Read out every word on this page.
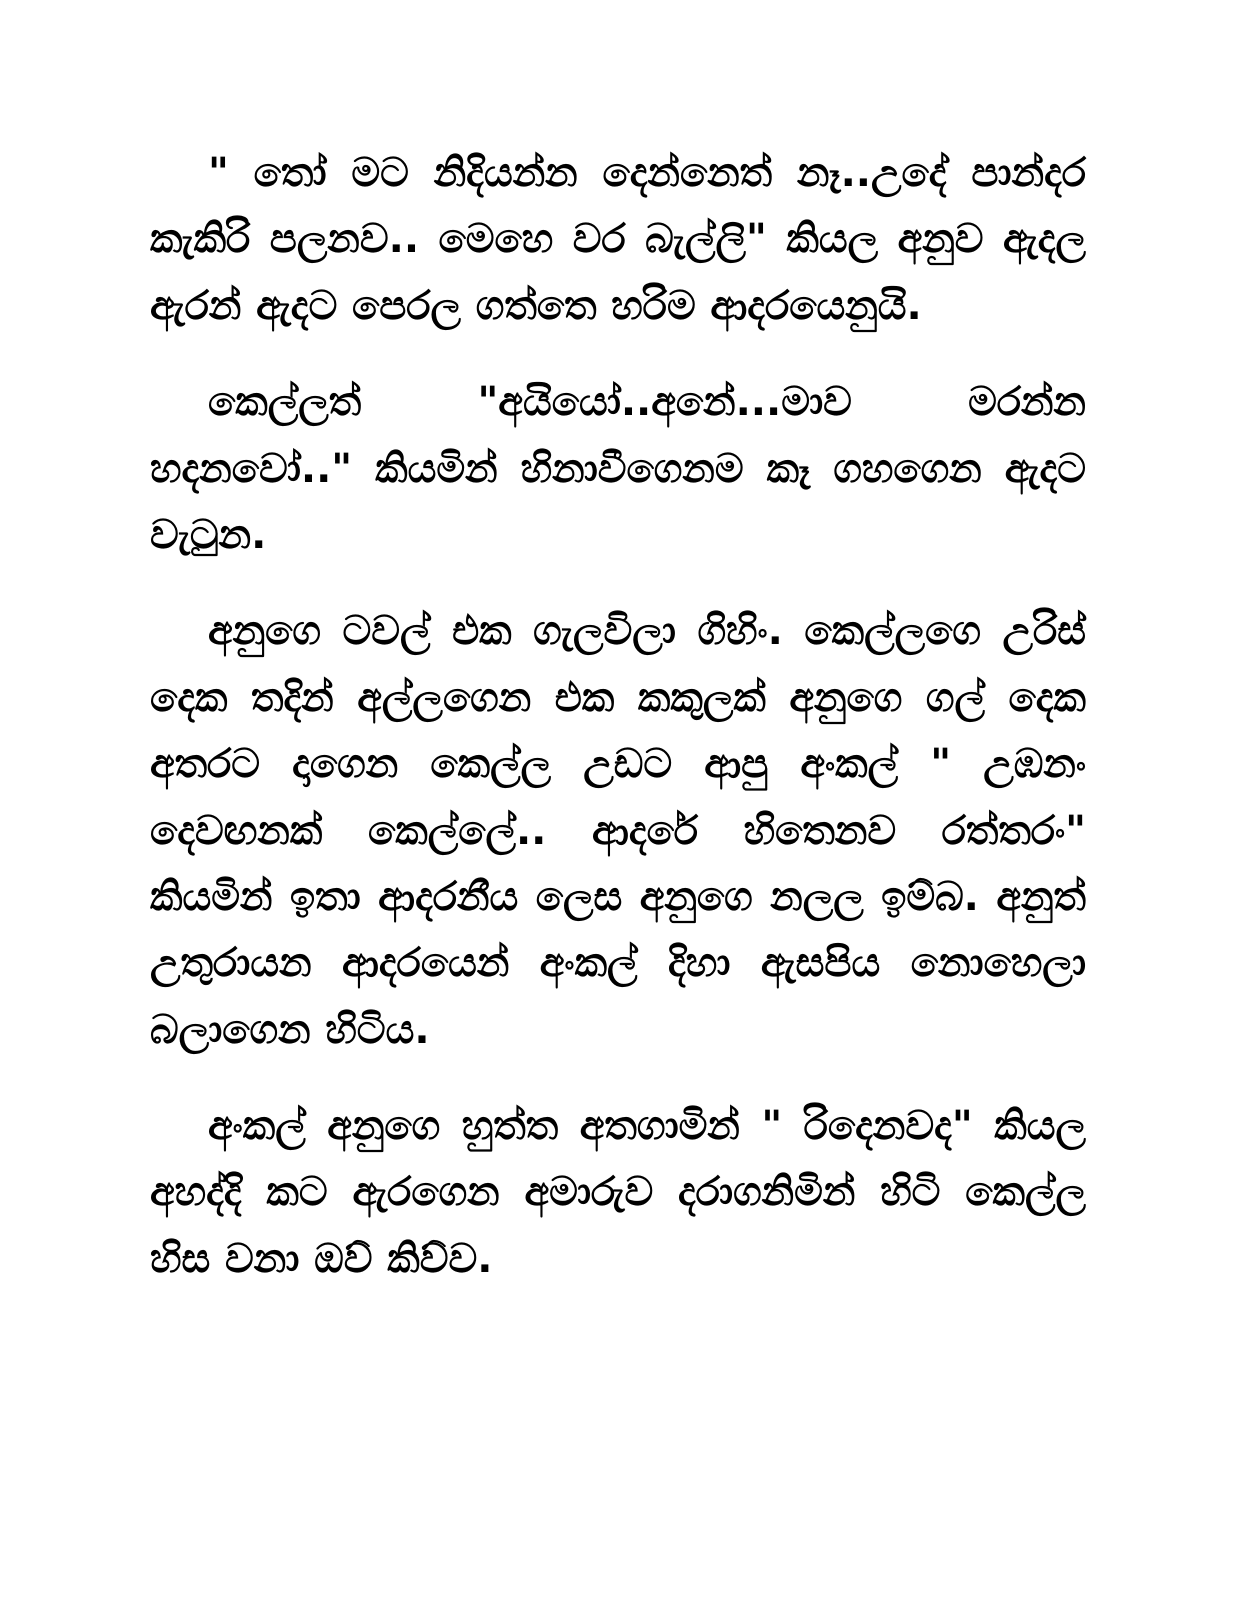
" තෝ මට නිදියන්න දෙන්නෙත් නෑ..උදේ පාන්දර කැකිරි පලනව.. මෙහෙ වර බැල්ලි" කියල අනුව ඇදල ඇරන් ඇදට පෙරල ගත්තෙ හරිම ආදරයෙනුයි.

කෙල්ලත් "අයියෝ..අනේ...මාව මරන්න හදනවෝ.." කියමින් හිනාවීගෙනම කෑ ගහගෙන ඇදට වැටුන.

අනුගෙ ටවල් එක ගැලවිලා ගිහිං. කෙල්ලගෙ උරිස් දෙක තදින් අල්ලගෙන එක කකුලක් අනුගෙ ගල් දෙක අතරට දාගෙන කෙල්ල උඩට ආපු අංකල් " උඹනං දෙවඟනක් කෙල්ලේ.. ආදරේ හිතෙනව රත්තරං" කියමින් ඉතා ආදරනීය ලෙස අනුගෙ නලල ඉම්බ. අනුත් උතුරායන ආදරයෙන් අංකල් දිහා ඇසපිය නොහෙලා බලාගෙන හිටිය.

අංකල් අනුගෙ හුත්ත අතගාමින් " රිදෙනවද" කියල අහද්දි කට ඇරගෙන අමාරුව දරාගනිමින් හිටි කෙල්ල හිස වනා ඔව් කිව්ව.
